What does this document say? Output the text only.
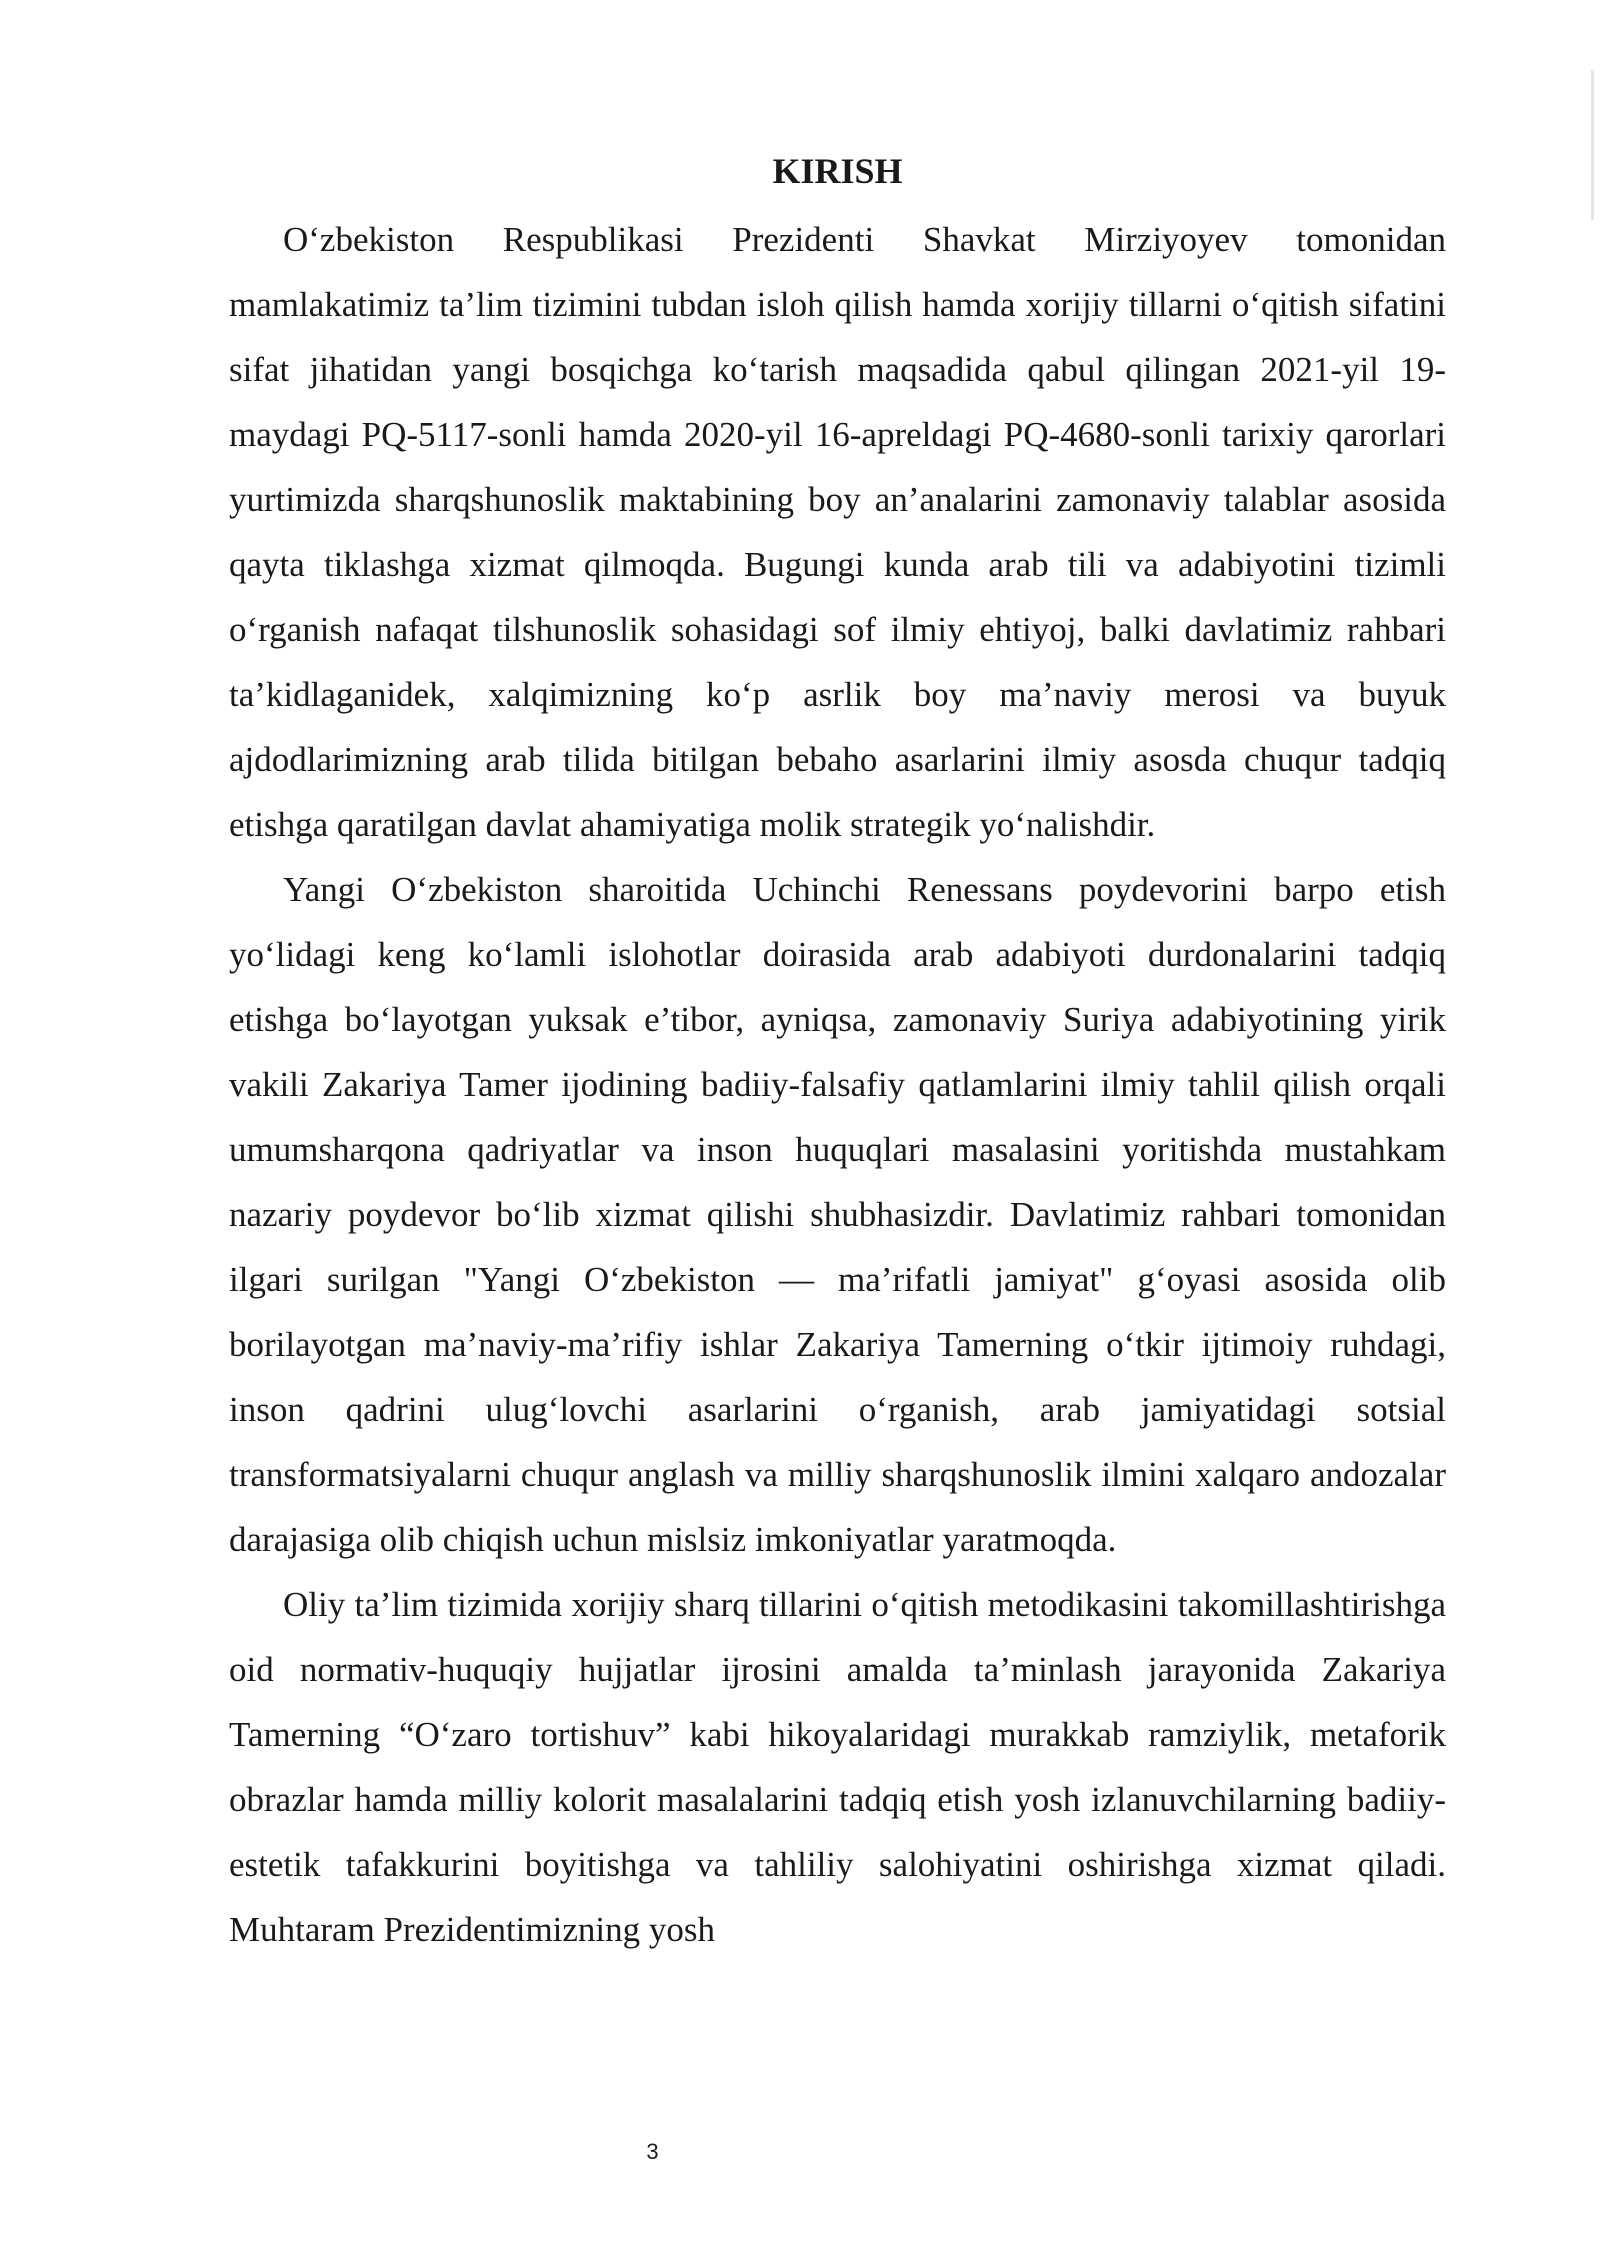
KIRISH

O‘zbekiston Respublikasi Prezidenti Shavkat Mirziyoyev tomonidan mamlakatimiz ta’lim tizimini tubdan isloh qilish hamda xorijiy tillarni o‘qitish sifatini sifat jihatidan yangi bosqichga ko‘tarish maqsadida qabul qilingan 2021-yil 19-maydagi PQ-5117-sonli hamda 2020-yil 16-apreldagi PQ-4680-sonli tarixiy qarorlari yurtimizda sharqshunoslik maktabining boy an’analarini zamonaviy talablar asosida qayta tiklashga xizmat qilmoqda. Bugungi kunda arab tili va adabiyotini tizimli o‘rganish nafaqat tilshunoslik sohasidagi sof ilmiy ehtiyoj, balki davlatimiz rahbari ta’kidlaganidek, xalqimizning ko‘p asrlik boy ma’naviy merosi va buyuk ajdodlarimizning arab tilida bitilgan bebaho asarlarini ilmiy asosda chuqur tadqiq etishga qaratilgan davlat ahamiyatiga molik strategik yo‘nalishdir.

Yangi O‘zbekiston sharoitida Uchinchi Renessans poydevorini barpo etish yo‘lidagi keng ko‘lamli islohotlar doirasida arab adabiyoti durdonalarini tadqiq etishga bo‘layotgan yuksak e’tibor, ayniqsa, zamonaviy Suriya adabiyotining yirik vakili Zakariya Tamer ijodining badiiy-falsafiy qatlamlarini ilmiy tahlil qilish orqali umumsharqona qadriyatlar va inson huquqlari masalasini yoritishda mustahkam nazariy poydevor bo‘lib xizmat qilishi shubhasizdir. Davlatimiz rahbari tomonidan ilgari surilgan "Yangi O‘zbekiston — ma’rifatli jamiyat" g‘oyasi asosida olib borilayotgan ma’naviy-ma’rifiy ishlar Zakariya Tamerning o‘tkir ijtimoiy ruhdagi, inson qadrini ulug‘lovchi asarlarini o‘rganish, arab jamiyatidagi sotsial transformatsiyalarni chuqur anglash va milliy sharqshunoslik ilmini xalqaro andozalar darajasiga olib chiqish uchun mislsiz imkoniyatlar yaratmoqda.

Oliy ta’lim tizimida xorijiy sharq tillarini o‘qitish metodikasini takomillashtirishga oid normativ-huquqiy hujjatlar ijrosini amalda ta’minlash jarayonida Zakariya Tamerning “O‘zaro tortishuv” kabi hikoyalaridagi murakkab ramziylik, metaforik obrazlar hamda milliy kolorit masalalarini tadqiq etish yosh izlanuvchilarning badiiy-estetik tafakkurini boyitishga va tahliliy salohiyatini oshirishga xizmat qiladi. Muhtaram Prezidentimizning yosh

3
